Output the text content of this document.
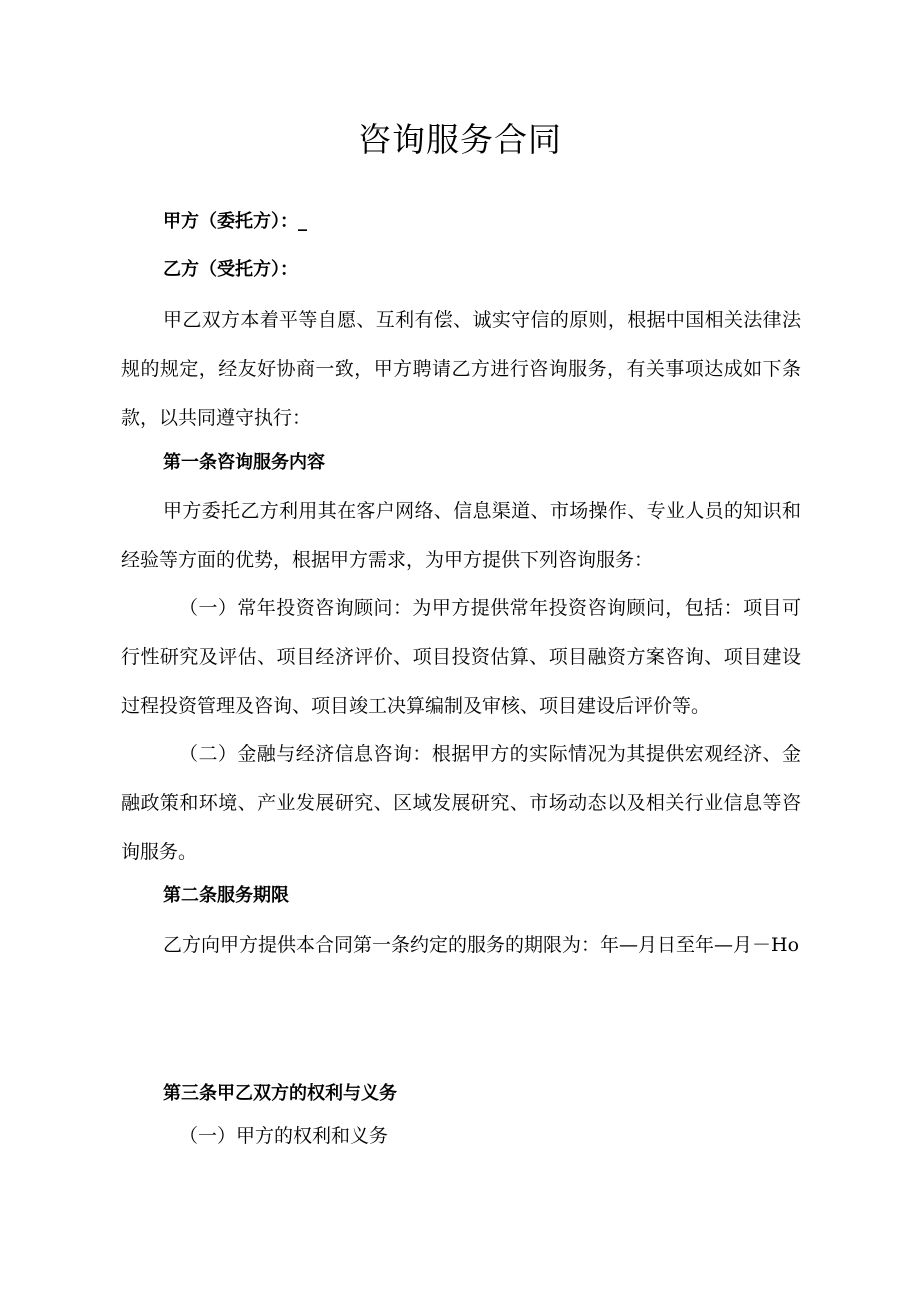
咨询服务合同
甲方（委托方）：_
乙方（受托方）：
甲乙双方本着平等自愿、互利有偿、诚实守信的原则，根据中国相关法律法规的规定，经友好协商一致，甲方聘请乙方进行咨询服务，有关事项达成如下条款，以共同遵守执行：
第一条咨询服务内容
甲方委托乙方利用其在客户网络、信息渠道、市场操作、专业人员的知识和经验等方面的优势，根据甲方需求，为甲方提供下列咨询服务：
（一）常年投资咨询顾问：为甲方提供常年投资咨询顾问，包括：项目可行性研究及评估、项目经济评价、项目投资估算、项目融资方案咨询、项目建设过程投资管理及咨询、项目竣工决算编制及审核、项目建设后评价等。
（二）金融与经济信息咨询：根据甲方的实际情况为其提供宏观经济、金融政策和环境、产业发展研究、区域发展研究、市场动态以及相关行业信息等咨询服务。
第二条服务期限
乙方向甲方提供本合同第一条约定的服务的期限为：年—月日至年—月－Ho
第三条甲乙双方的权利与义务
（一）甲方的权利和义务
